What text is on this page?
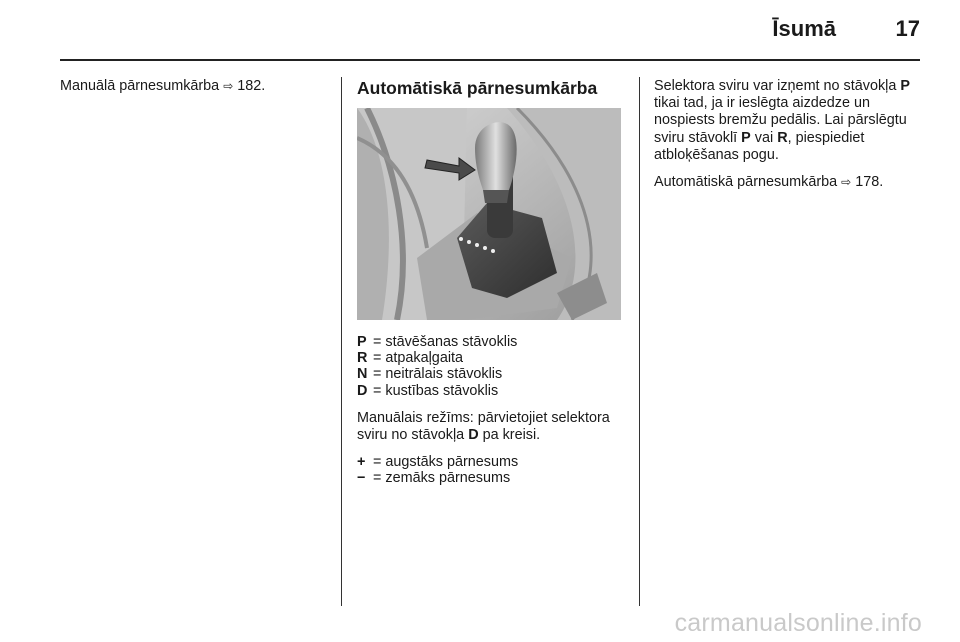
Īsumā	17

Manuālā pārnesumkārba ⇨ 182.	Automātiskā pārnesumkārba
P = stāvēšanas stāvoklis
R = atpakaļgaita
N = neitrālais stāvoklis
D = kustības stāvoklis

Manuālais režīms: pārvietojiet selektora sviru no stāvokļa D pa kreisi.

+ = augstāks pārnesums
− = zemāks pārnesums

Selektora sviru var izņemt no stāvokļa P tikai tad, ja ir ieslēgta aizdedze un nospiests bremžu pedālis. Lai pārslēgtu sviru stāvoklī P vai R, piespiediet atbloķēšanas pogu.

Automātiskā pārnesumkārba ⇨ 178.

carmanualsonline.info
